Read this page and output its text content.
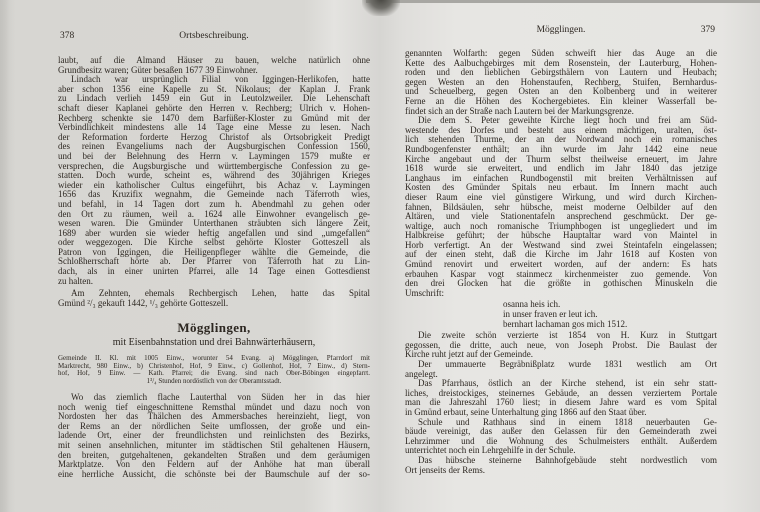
378	Ortsbeschreibung.
laubt, auf die Almand Häuser zu bauen, welche natürlich ohne
Grundbesitz waren; Güter besaßen 1677 39 Einwohner.
Lindach war ursprünglich Filial von Iggingen-Herlikofen, hatte
aber schon 1356 eine Kapelle zu St. Nikolaus; der Kaplan J. Frank
zu Lindach verlieh 1459 ein Gut in Leutolzweiler. Die Lehenschaft
schaft dieser Kaplanei gehörte den Herren v. Rechberg; Ulrich v. Hohen-
Rechberg schenkte sie 1470 dem Barfüßer-Kloster zu Gmünd mit der
Verbindlichkeit mindestens alle 14 Tage eine Messe zu lesen. Nach
der Reformation forderte Herzog Christof als Ortsobrigkeit Predigt
des reinen Evangeliums nach der Augsburgischen Confession 1560,
und bei der Belehnung des Herrn v. Laymingen 1579 mußte er
versprechen, die Augsburgische und württembergische Confession zu ge-
statten. Doch wurde, scheint es, während des 30jährigen Krieges
wieder ein katholischer Cultus eingeführt, bis Achaz v. Laymingen
1656 das Kruzifix wegnahm, die Gemeinde nach Täferroth wies,
und befahl, in 14 Tagen dort zum h. Abendmahl zu gehen oder
den Ort zu räumen, weil a. 1624 alle Einwohner evangelisch ge-
wesen waren. Die Gmünder Unterthanen sträubten sich längere Zeit,
1689 aber wurden sie wieder heftig angefallen und sind „umgefallen“
oder weggezogen. Die Kirche selbst gehörte Kloster Gotteszell als
Patron von Iggingen, die Heiligenpfleger wählte die Gemeinde, die
Schloßherrschaft hörte ab. Der Pfarrer von Täferroth hat zu Lin-
dach, als in einer unirten Pfarrei, alle 14 Tage einen Gottesdienst
zu halten.
Am Zehnten, ehemals Rechbergisch Lehen, hatte das Spital
Gmünd ²/₃ gekauft 1442, ¹/₃ gehörte Gotteszell.
Mögglingen,
mit Eisenbahnstation und drei Bahnwärterhäusern,
Gemeinde II. Kl. mit 1005 Einw., worunter 54 Evang. a) Mögglingen, Pfarrdorf mit
Marktrecht, 980 Einw., b) Christenhof, Hof, 9 Einw., c) Gollenhof, Hof, 7 Einw., d) Stern-
hof, Hof, 9 Einw. — Kath. Pfarrei; die Evang. sind nach Ober-Böbingen eingepfarrt.
1³/₄ Stunden nordöstlich von der Oberamtsstadt.
Wo das ziemlich flache Lauterthal von Süden her in das hier
noch wenig tief eingeschnittene Remsthal mündet und dazu noch von
Nordosten her das Thälchen des Ammersbaches hereinzieht, liegt, von
der Rems an der nördlichen Seite umflossen, der große und ein-
ladende Ort, einer der freundlichsten und reinlichsten des Bezirks,
mit seinen ansehnlichen, mitunter im städtischen Stil gehaltenen Häusern,
den breiten, gutgehaltenen, gekandelten Straßen und dem geräumigen
Marktplatze. Von den Feldern auf der Anhöhe hat man überall
eine herrliche Aussicht, die schönste bei der Baumschule auf der so-
Mögglingen.	379
genannten Wolfarth: gegen Süden schweift hier das Auge an die
Kette des Aalbuchgebirges mit dem Rosenstein, der Lauterburg, Hohen-
roden und den lieblichen Gebirgsthälern von Lautern und Heubach;
gegen Westen an den Hohenstaufen, Rechberg, Stuifen, Bernhardus-
und Scheuelberg, gegen Osten an den Kolbenberg und in weiterer
Ferne an die Höhen des Kochergebietes. Ein kleiner Wasserfall be-
findet sich an der Straße nach Lautern bei der Markungsgrenze.
Die dem S. Peter geweihte Kirche liegt hoch und frei am Süd-
westende des Dorfes und besteht aus einem mächtigen, uralten, öst-
lich stehenden Thurme, der an der Nordwand noch ein romanisches
Rundbogenfenster enthält; an ihn wurde im Jahr 1442 eine neue
Kirche angebaut und der Thurm selbst theilweise erneuert, im Jahre
1618 wurde sie erweitert, und endlich im Jahr 1840 das jetzige
Langhaus im einfachen Rundbogenstil mit breiten Verhältnissen auf
Kosten des Gmünder Spitals neu erbaut. Im Innern macht auch
dieser Raum eine viel günstigere Wirkung, und wird durch Kirchen-
fahnen, Bildsäulen, sehr hübsche, meist moderne Oelbilder auf den
Altären, und viele Stationentafeln ansprechend geschmückt. Der ge-
waltige, auch noch romanische Triumphbogen ist ungegliedert und im
Halbkreise geführt; der hübsche Hauptaltar ward von Maintel in
Horb verfertigt. An der Westwand sind zwei Steintafeln eingelassen;
auf der einen steht, daß die Kirche im Jahr 1618 auf Kosten von
Gmünd renovirt und erweitert worden, auf der andern: Es hats
erbauhen Kaspar vogt stainmecz kirchenmeister zuo gemende. Von
den drei Glocken hat die größte in gothischen Minuskeln die
Umschrift:
osanna heis ich.
in unser fraven er leut ich.
bernhart lachaman gos mich 1512.
Die zweite schön verzierte ist 1854 von H. Kurz in Stuttgart
gegossen, die dritte, auch neue, von Joseph Probst. Die Baulast der
Kirche ruht jetzt auf der Gemeinde.
Der ummauerte Begräbnißplatz wurde 1831 westlich am Ort
angelegt.
Das Pfarrhaus, östlich an der Kirche stehend, ist ein sehr statt-
liches, dreistockiges, steinernes Gebäude, an dessen verziertem Portale
man die Jahreszahl 1760 liest; in diesem Jahre ward es vom Spital
in Gmünd erbaut, seine Unterhaltung ging 1866 auf den Staat über.
Schule und Rathhaus sind in einem 1818 neuerbauten Ge-
bäude vereinigt, das außer den Gelassen für den Gemeinderath zwei
Lehrzimmer und die Wohnung des Schulmeisters enthält. Außerdem
unterrichtet noch ein Lehrgehilfe in der Schule.
Das hübsche steinerne Bahnhofgebäude steht nordwestlich vom
Ort jenseits der Rems.
